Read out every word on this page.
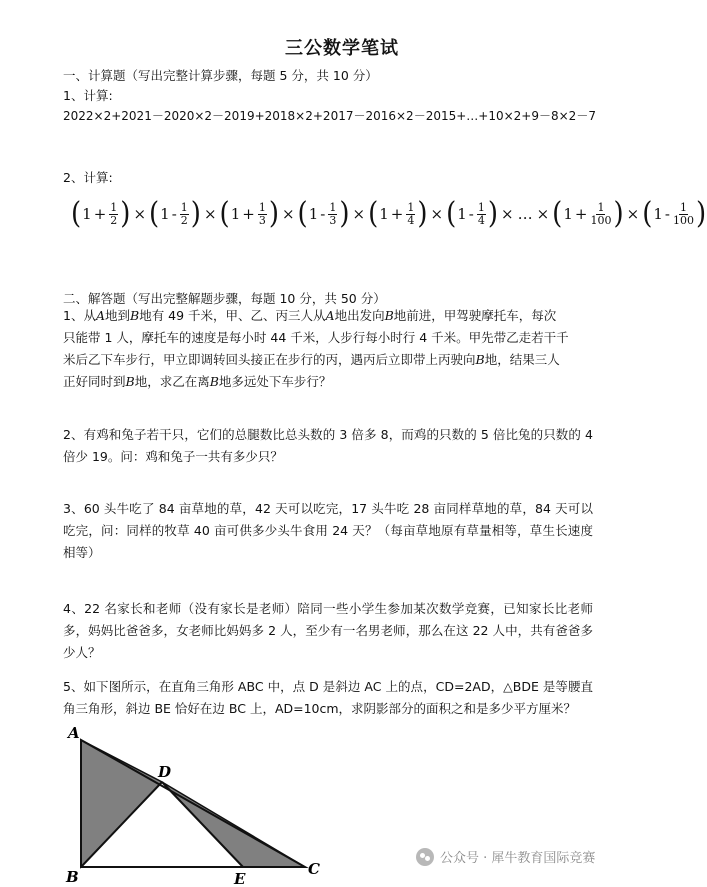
三公数学笔试
一、计算题（写出完整计算步骤，每题 5 分，共 10 分）
1、计算:
2022×2+2021－2020×2－2019+2018×2+2017－2016×2－2015+…+10×2+9－8×2－7
2、计算:
( $1 + \frac{1}{2}$ ) × ( $1 - \frac{1}{2}$ ) × ( $1 + \frac{1}{3}$ ) × ( $1 - \frac{1}{3}$ ) × ( $1 + \frac{1}{4}$ ) × ( $1 - \frac{1}{4}$ ) × … × ( $1 + \frac{1}{100}$ ) × ( $1 - \frac{1}{100}$ )
二、解答题（写出完整解题步骤，每题 10 分，共 50 分）
1、从A地到B地有 49 千米，甲、乙、丙三人从A地出发向B地前进，甲驾驶摩托车，每次
只能带 1 人，摩托车的速度是每小时 44 千米，人步行每小时行 4 千米。甲先带乙走若干千
米后乙下车步行，甲立即调转回头接正在步行的丙，遇丙后立即带上丙驶向B地，结果三人
正好同时到B地，求乙在离B地多远处下车步行？
2、有鸡和兔子若干只，它们的总腿数比总头数的 3 倍多 8，而鸡的只数的 5 倍比兔的只数的 4 倍少 19。问：鸡和兔子一共有多少只？
3、60 头牛吃了 84 亩草地的草，42 天可以吃完，17 头牛吃 28 亩同样草地的草，84 天可以吃完，问：同样的牧草 40 亩可供多少头牛食用 24 天？（每亩草地原有草量相等，草生长速度相等）
4、22 名家长和老师（没有家长是老师）陪同一些小学生参加某次数学竞赛，已知家长比老师多，妈妈比爸爸多，女老师比妈妈多 2 人，至少有一名男老师，那么在这 22 人中，共有爸爸多少人？
5、如下图所示，在直角三角形 ABC 中，点 D 是斜边 AC 上的点，CD=2AD，△BDE 是等腰直角三角形，斜边 BE 恰好在边 BC 上，AD=10cm，求阴影部分的面积之和是多少平方厘米？
A
D
B	E
C
公众号 · 犀牛教育国际竞赛
